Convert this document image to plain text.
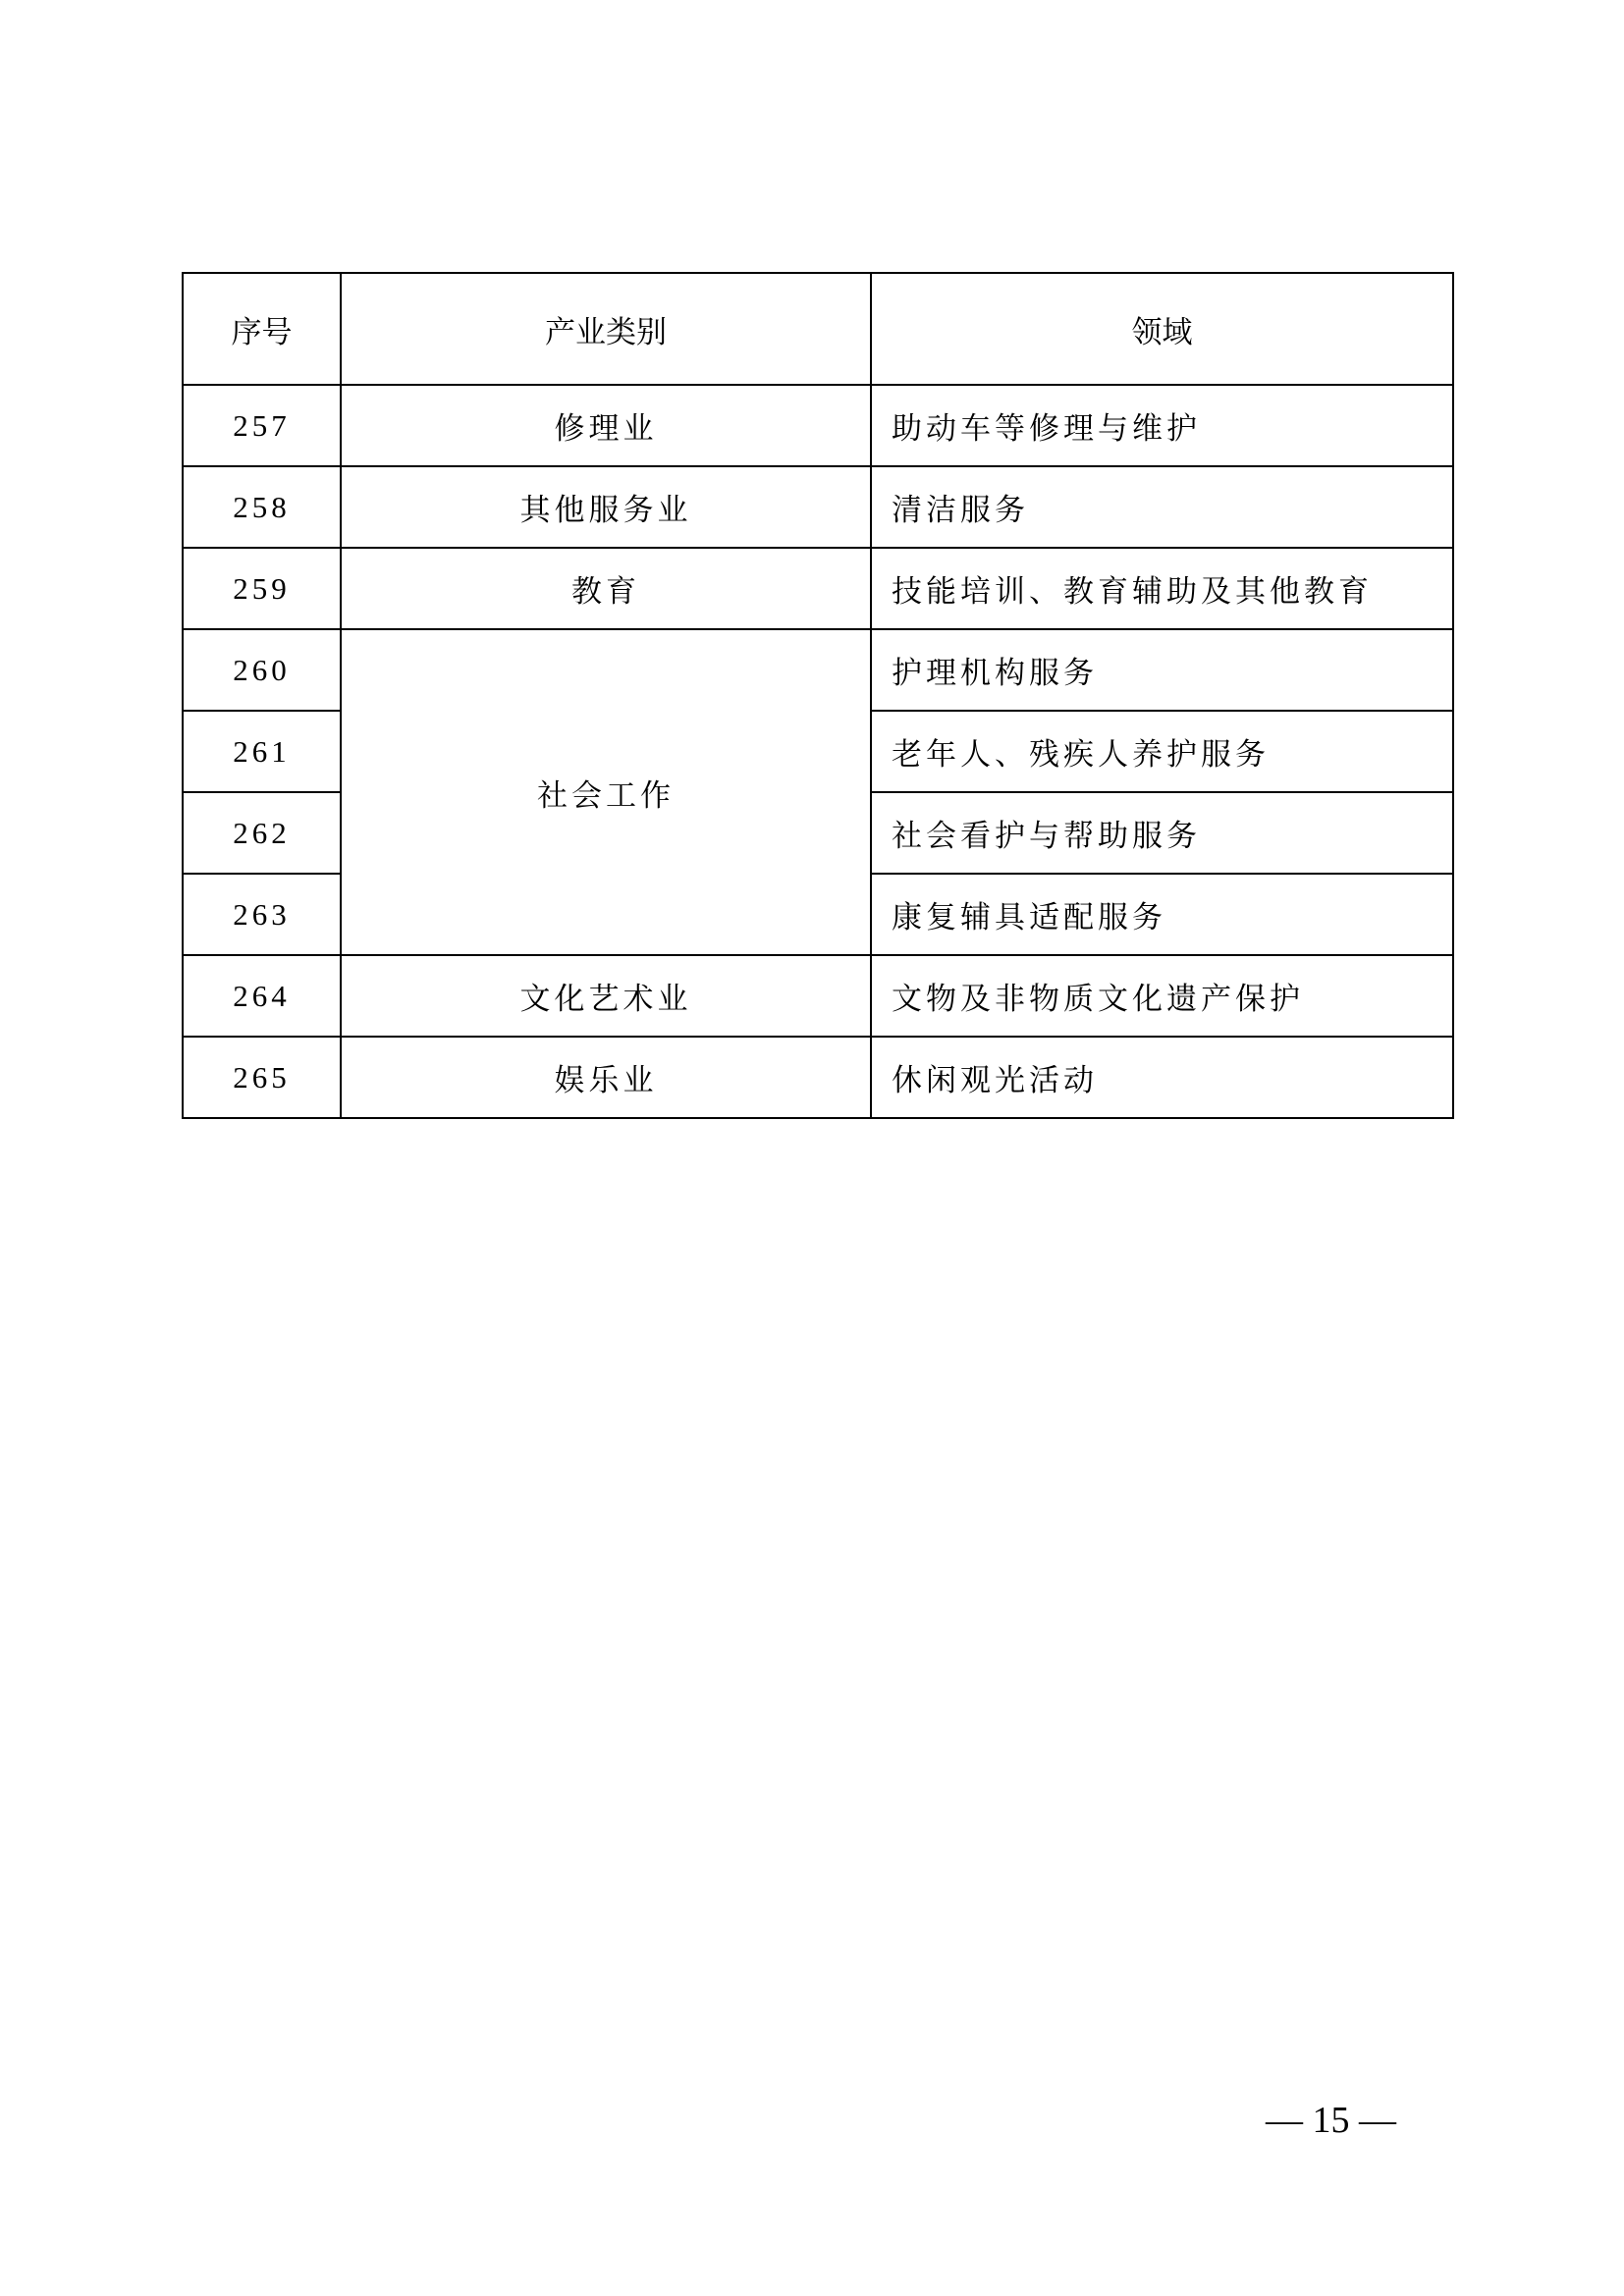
序号	产业类别	领域
257	修理业	助动车等修理与维护
258	其他服务业	清洁服务
259	教育	技能培训、教育辅助及其他教育
260	社会工作	护理机构服务
261		老年人、残疾人养护服务
262		社会看护与帮助服务
263		康复辅具适配服务
264	文化艺术业	文物及非物质文化遗产保护
265	娱乐业	休闲观光活动
— 15 —
